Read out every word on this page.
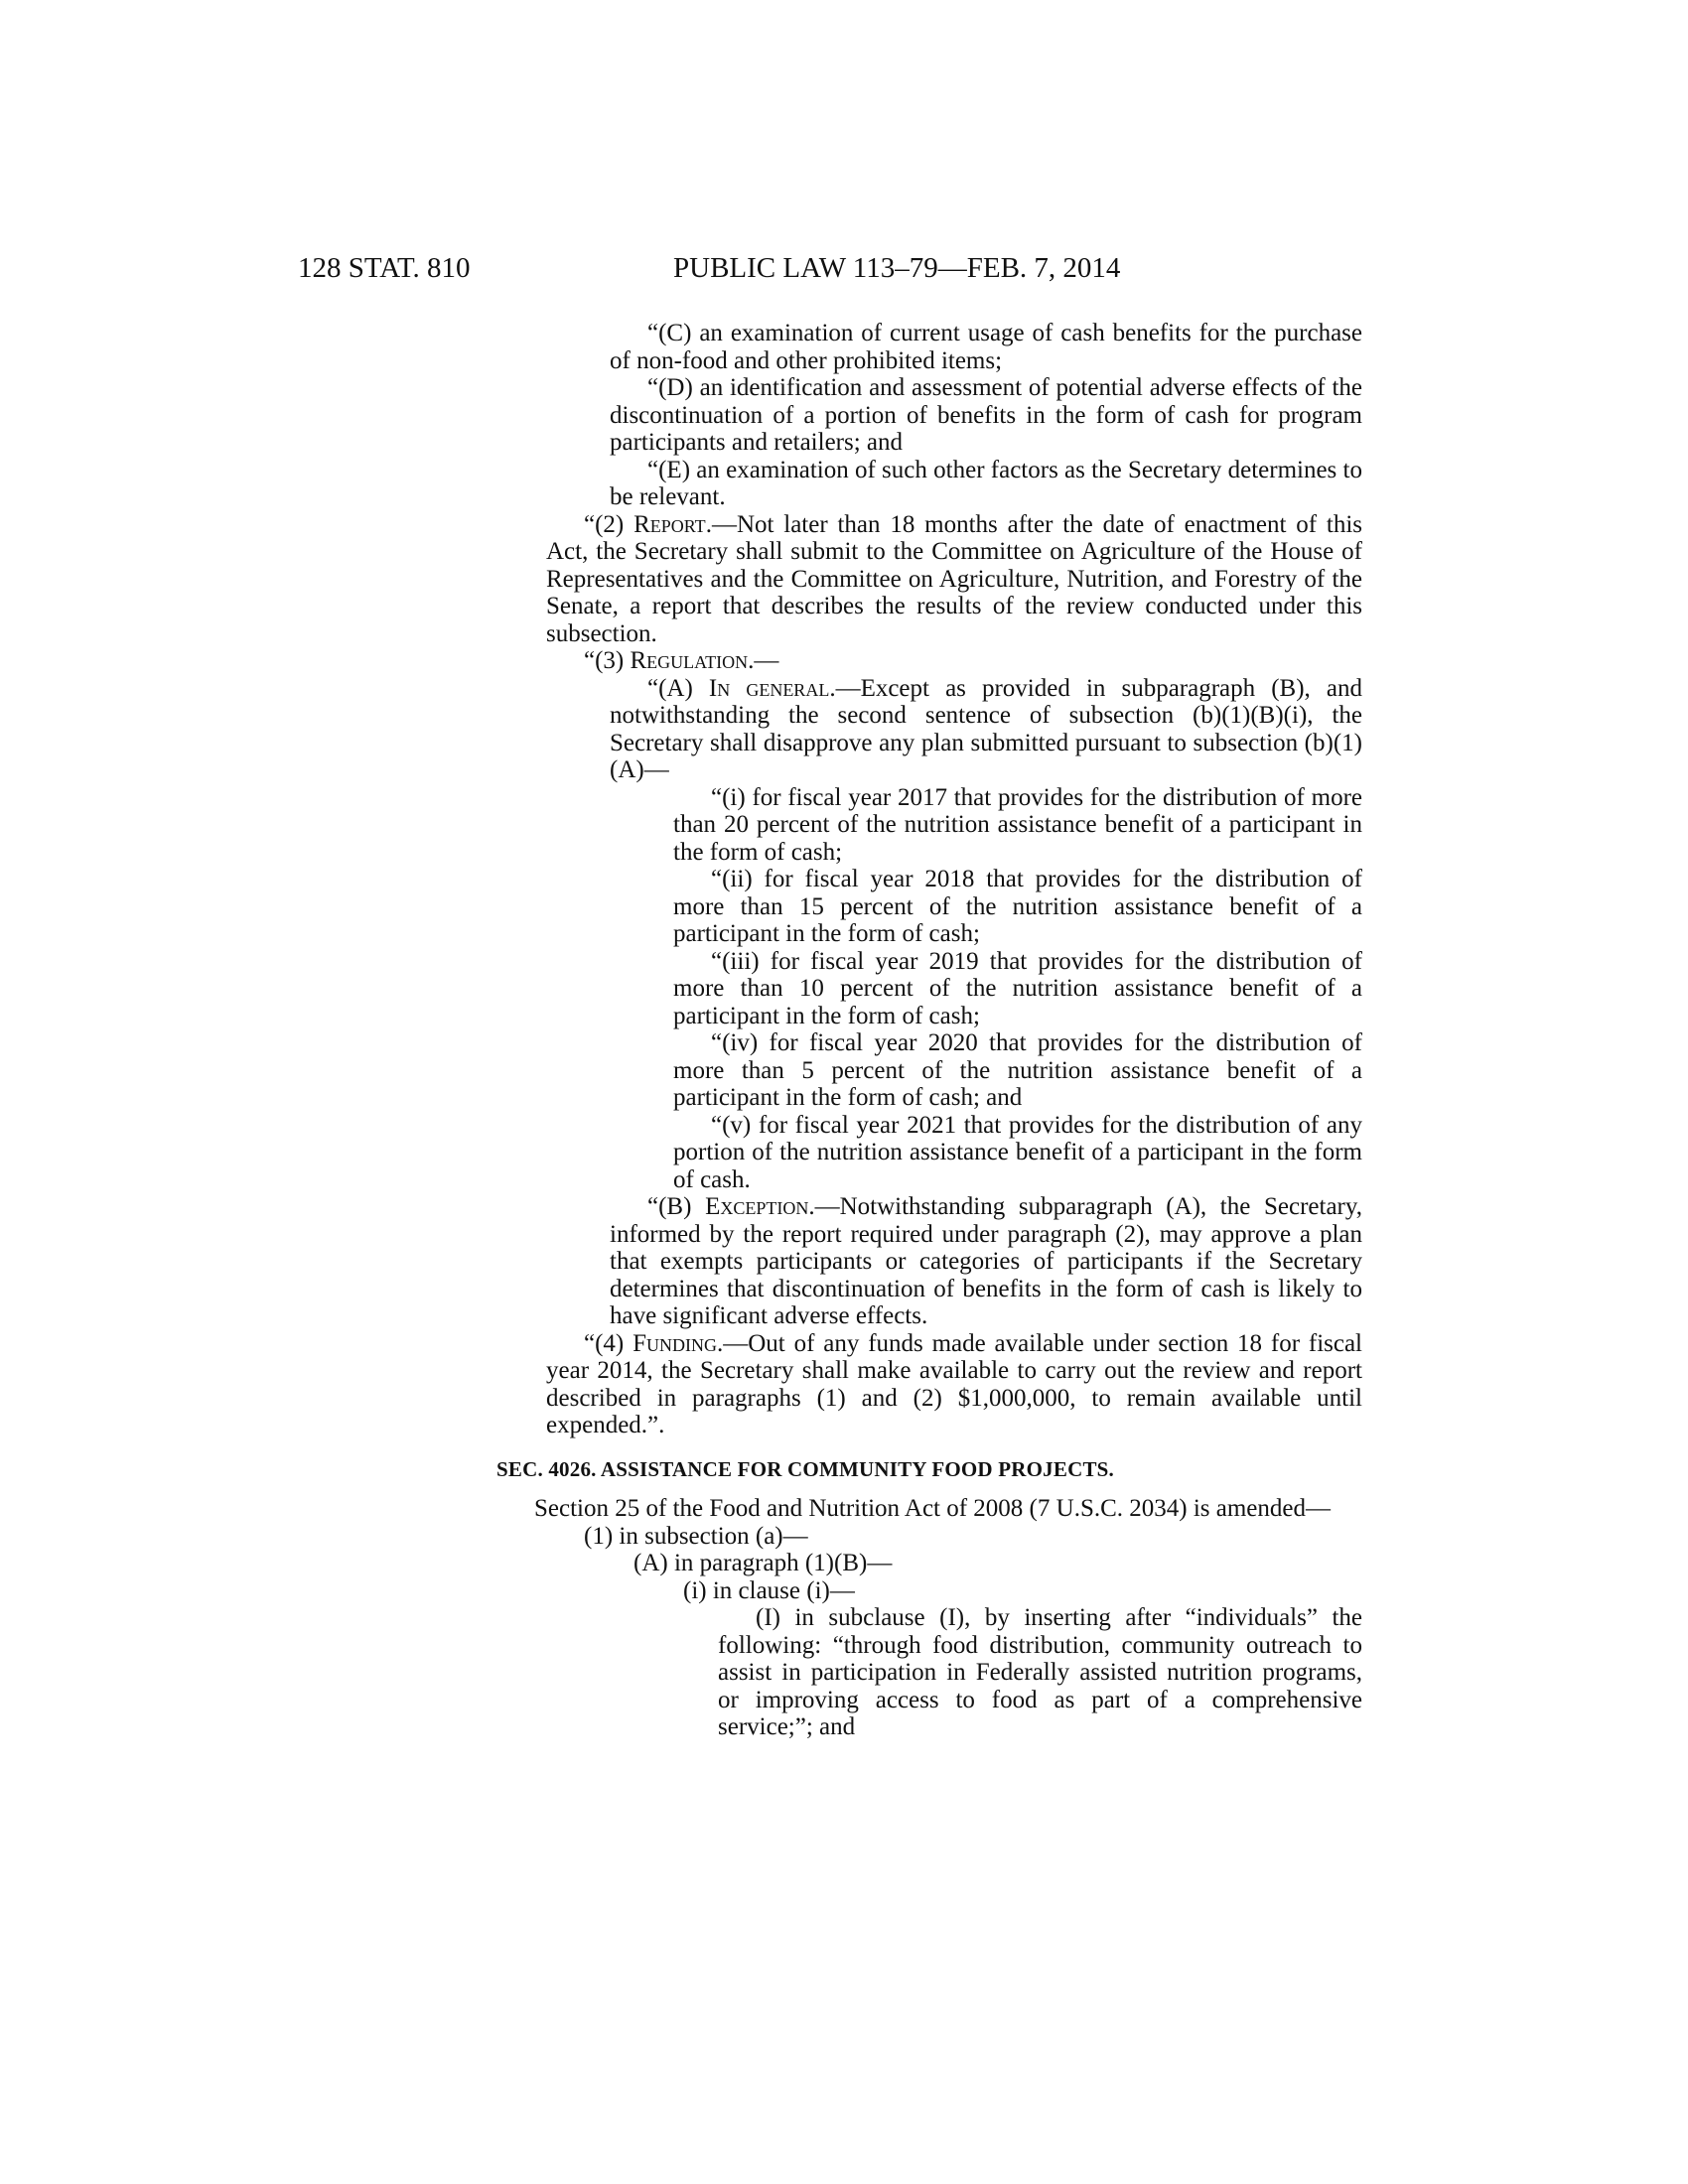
128 STAT. 810	PUBLIC LAW 113–79—FEB. 7, 2014

“(C) an examination of current usage of cash benefits for the purchase of non-food and other prohibited items;

“(D) an identification and assessment of potential adverse effects of the discontinuation of a portion of benefits in the form of cash for program participants and retailers; and

“(E) an examination of such other factors as the Secretary determines to be relevant.

“(2) Report.—Not later than 18 months after the date of enactment of this Act, the Secretary shall submit to the Committee on Agriculture of the House of Representatives and the Committee on Agriculture, Nutrition, and Forestry of the Senate, a report that describes the results of the review conducted under this subsection.

“(3) Regulation.—

“(A) In general.—Except as provided in subparagraph (B), and notwithstanding the second sentence of subsection (b)(1)(B)(i), the Secretary shall disapprove any plan submitted pursuant to subsection (b)(1)(A)—

“(i) for fiscal year 2017 that provides for the distribution of more than 20 percent of the nutrition assistance benefit of a participant in the form of cash;

“(ii) for fiscal year 2018 that provides for the distribution of more than 15 percent of the nutrition assistance benefit of a participant in the form of cash;

“(iii) for fiscal year 2019 that provides for the distribution of more than 10 percent of the nutrition assistance benefit of a participant in the form of cash;

“(iv) for fiscal year 2020 that provides for the distribution of more than 5 percent of the nutrition assistance benefit of a participant in the form of cash; and

“(v) for fiscal year 2021 that provides for the distribution of any portion of the nutrition assistance benefit of a participant in the form of cash.

“(B) Exception.—Notwithstanding subparagraph (A), the Secretary, informed by the report required under paragraph (2), may approve a plan that exempts participants or categories of participants if the Secretary determines that discontinuation of benefits in the form of cash is likely to have significant adverse effects.

“(4) Funding.—Out of any funds made available under section 18 for fiscal year 2014, the Secretary shall make available to carry out the review and report described in paragraphs (1) and (2) $1,000,000, to remain available until expended.”.

SEC. 4026. ASSISTANCE FOR COMMUNITY FOOD PROJECTS.

Section 25 of the Food and Nutrition Act of 2008 (7 U.S.C. 2034) is amended—

(1) in subsection (a)—

(A) in paragraph (1)(B)—

(i) in clause (i)—

(I) in subclause (I), by inserting after “individuals” the following: “through food distribution, community outreach to assist in participation in Federally assisted nutrition programs, or improving access to food as part of a comprehensive service;”; and
